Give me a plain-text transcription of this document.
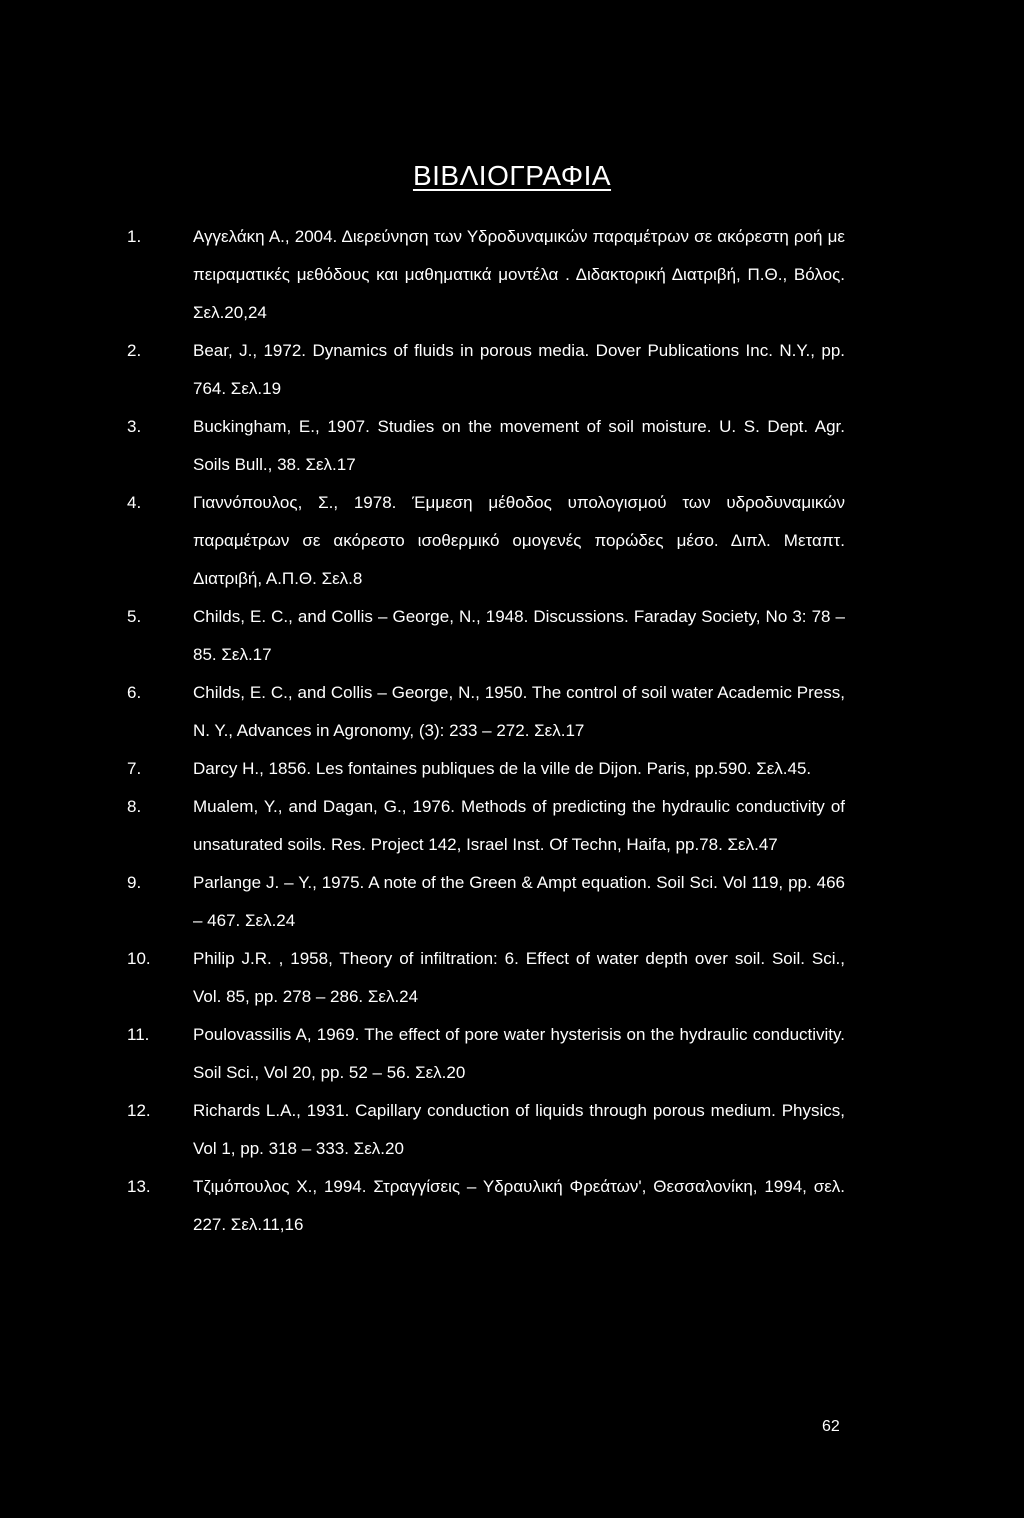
ΒΙΒΛΙΟΓΡΑΦΙΑ
1.	Αγγελάκη Α., 2004. Διερεύνηση των Υδροδυναμικών παραμέτρων σε ακόρεστη ροή με πειραματικές μεθόδους και μαθηματικά μοντέλα . Διδακτορική Διατριβή, Π.Θ., Βόλος. Σελ.20,24
2.	Bear, J., 1972. Dynamics of fluids in porous media. Dover Publications Inc. N.Y., pp. 764. Σελ.19
3.	Buckingham, E., 1907. Studies on the movement of soil moisture. U. S. Dept. Agr. Soils Bull., 38. Σελ.17
4.	Γιαννόπουλος, Σ., 1978. Έμμεση μέθοδος υπολογισμού των υδροδυναμικών παραμέτρων σε ακόρεστο ισοθερμικό ομογενές πορώδες μέσο. Διπλ. Μεταπτ. Διατριβή, Α.Π.Θ. Σελ.8
5.	Childs, E. C., and Collis – George, N., 1948. Discussions. Faraday Society, No 3: 78 – 85. Σελ.17
6.	Childs, E. C., and Collis – George, N., 1950. The control of soil water Academic Press, N. Y., Advances in Agronomy, (3): 233 – 272. Σελ.17
7.	Darcy H., 1856. Les fontaines publiques de la ville de Dijon. Paris, pp.590. Σελ.45.
8.	Mualem, Y., and Dagan, G., 1976. Methods of predicting the hydraulic conductivity of unsaturated soils. Res. Project 142, Israel Inst. Of Techn, Haifa, pp.78. Σελ.47
9.	Parlange J. – Y., 1975. A note of the Green & Ampt equation. Soil Sci. Vol 119, pp. 466 – 467. Σελ.24
10. Philip J.R. , 1958, Theory of infiltration: 6. Effect of water depth over soil. Soil. Sci., Vol. 85, pp. 278 – 286. Σελ.24
11.	Poulovassilis A, 1969. The effect of pore water hysterisis on the hydraulic conductivity. Soil Sci., Vol 20, pp. 52 – 56. Σελ.20
12. Richards L.A., 1931. Capillary conduction of liquids through porous medium. Physics, Vol 1, pp. 318 – 333. Σελ.20
13. Τζιμόπουλος Χ., 1994. Στραγγίσεις – Υδραυλική Φρεάτων', Θεσσαλονίκη, 1994, σελ. 227. Σελ.11,16
62
